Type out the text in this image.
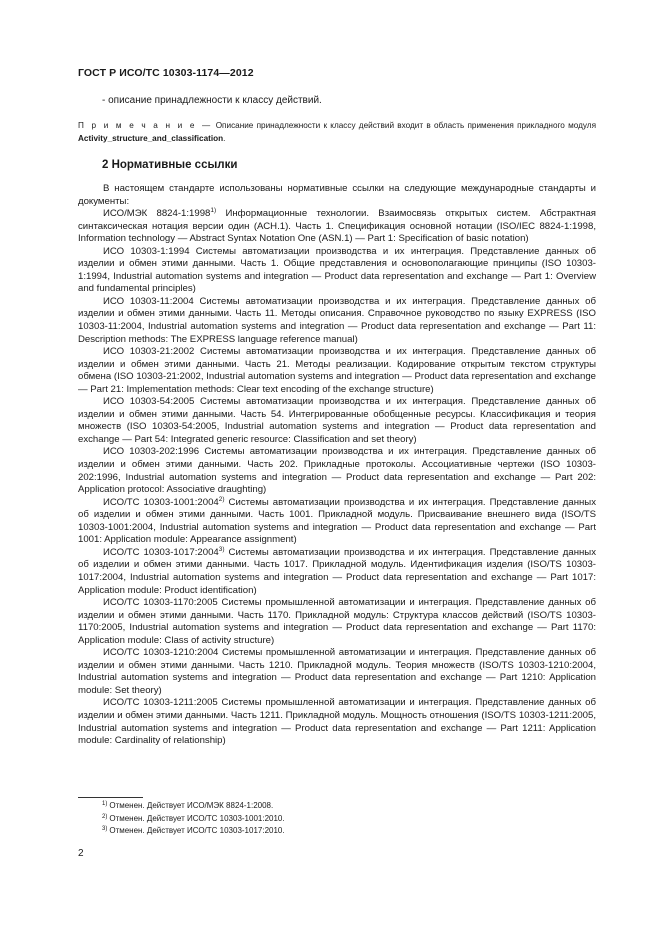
ГОСТ Р ИСО/ТС 10303-1174—2012
- описание принадлежности к классу действий.
П р и м е ч а н и е — Описание принадлежности к классу действий входит в область применения прикладного модуля Activity_structure_and_classification.
2 Нормативные ссылки

В настоящем стандарте использованы нормативные ссылки на следующие международные стандарты и документы:

ИСО/МЭК 8824-1:1998$^{1)}$ Информационные технологии. Взаимосвязь открытых систем. Абстрактная синтаксическая нотация версии один (АСН.1). Часть 1. Спецификация основной нотации (ISO/IEC 8824-1:1998, Information technology — Abstract Syntax Notation One (ASN.1) — Part 1: Specification of basic notation)

ИСО 10303-1:1994 Системы автоматизации производства и их интеграция. Представление данных об изделии и обмен этими данными. Часть 1. Общие представления и основополагающие принципы (ISO 10303-1:1994, Industrial automation systems and integration — Product data representation and exchange — Part 1: Overview and fundamental principles)

ИСО 10303-11:2004 Системы автоматизации производства и их интеграция. Представление данных об изделии и обмен этими данными. Часть 11. Методы описания. Справочное руководство по языку EXPRESS (ISO 10303-11:2004, Industrial automation systems and integration — Product data representation and exchange — Part 11: Description methods: The EXPRESS language reference manual)

ИСО 10303-21:2002 Системы автоматизации производства и их интеграция. Представление данных об изделии и обмен этими данными. Часть 21. Методы реализации. Кодирование открытым текстом структуры обмена (ISO 10303-21:2002, Industrial automation systems and integration — Product data representation and exchange — Part 21: Implementation methods: Clear text encoding of the exchange structure)

ИСО 10303-54:2005 Системы автоматизации производства и их интеграция. Представление данных об изделии и обмен этими данными. Часть 54. Интегрированные обобщенные ресурсы. Классификация и теория множеств (ISO 10303-54:2005, Industrial automation systems and integration — Product data representation and exchange — Part 54: Integrated generic resource: Classification and set theory)

ИСО 10303-202:1996 Системы автоматизации производства и их интеграция. Представление данных об изделии и обмен этими данными. Часть 202. Прикладные протоколы. Ассоциативные чертежи (ISO 10303-202:1996, Industrial automation systems and integration — Product data representation and exchange — Part 202: Application protocol: Associative draughting)

ИСО/ТС 10303-1001:2004$^{2)}$ Системы автоматизации производства и их интеграция. Представление данных об изделии и обмен этими данными. Часть 1001. Прикладной модуль. Присваивание внешнего вида (ISO/TS 10303-1001:2004, Industrial automation systems and integration — Product data representation and exchange — Part 1001: Application module: Appearance assignment)

ИСО/ТС 10303-1017:2004$^{3)}$ Системы автоматизации производства и их интеграция. Представление данных об изделии и обмен этими данными. Часть 1017. Прикладной модуль. Идентификация изделия (ISO/TS 10303-1017:2004, Industrial automation systems and integration — Product data representation and exchange — Part 1017: Application module: Product identification)

ИСО/ТС 10303-1170:2005 Системы промышленной автоматизации и интеграция. Представление данных об изделии и обмен этими данными. Часть 1170. Прикладной модуль: Структура классов действий (ISO/TS 10303-1170:2005, Industrial automation systems and integration — Product data representation and exchange — Part 1170: Application module: Class of activity structure)

ИСО/ТС 10303-1210:2004 Системы промышленной автоматизации и интеграция. Представление данных об изделии и обмен этими данными. Часть 1210. Прикладной модуль. Теория множеств (ISO/TS 10303-1210:2004, Industrial automation systems and integration — Product data representation and exchange — Part 1210: Application module: Set theory)

ИСО/ТС 10303-1211:2005 Системы промышленной автоматизации и интеграция. Представление данных об изделии и обмен этими данными. Часть 1211. Прикладной модуль. Мощность отношения (ISO/TS 10303-1211:2005, Industrial automation systems and integration — Product data representation and exchange — Part 1211: Application module: Cardinality of relationship)

$^{1)}$ Отменен. Действует ИСО/МЭК 8824-1:2008.
$^{2)}$ Отменен. Действует ИСО/ТС 10303-1001:2010.
$^{3)}$ Отменен. Действует ИСО/ТС 10303-1017:2010.
2
